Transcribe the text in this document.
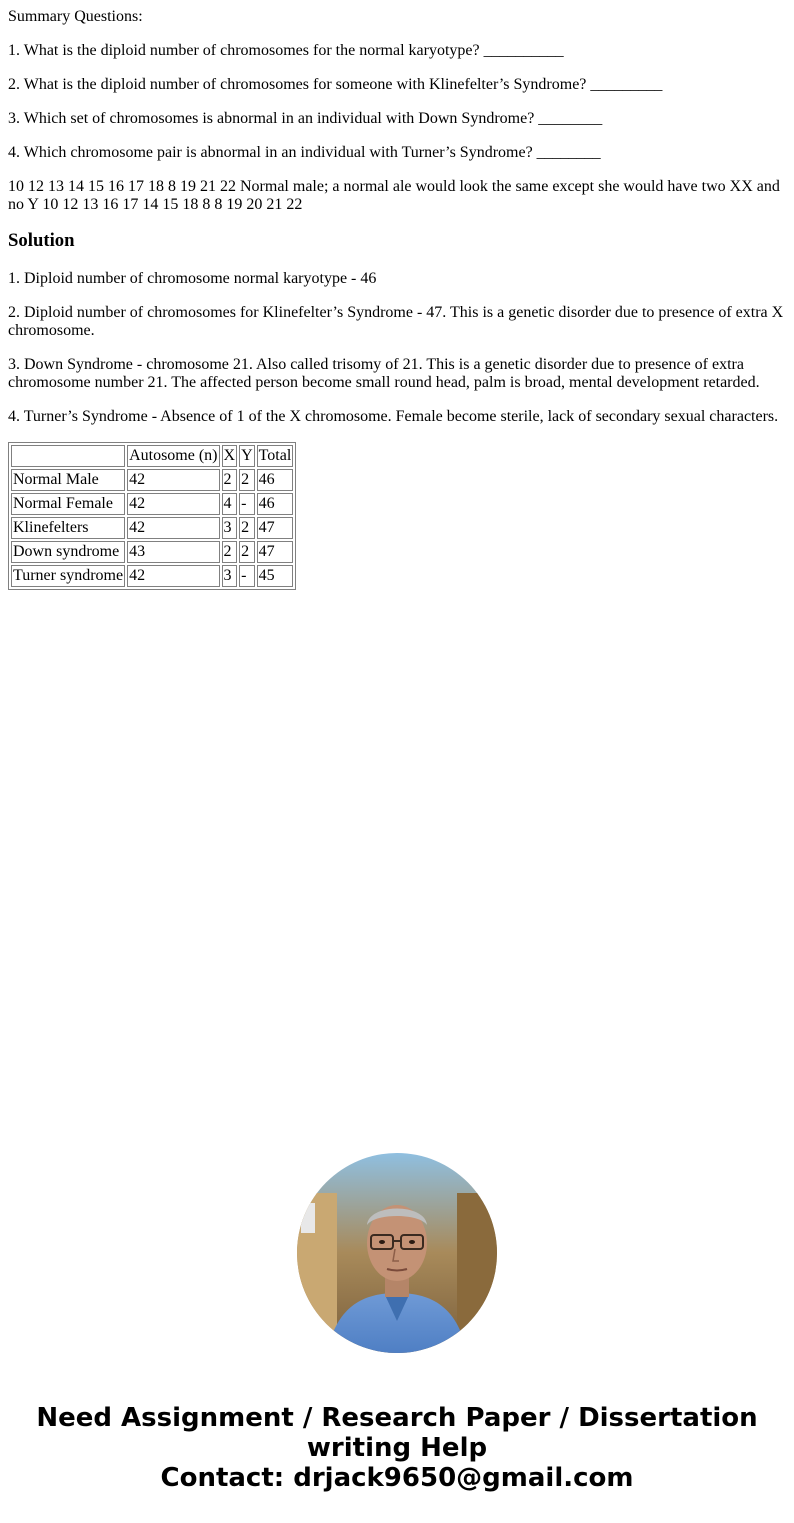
Summary Questions:

1. What is the diploid number of chromosomes for the normal karyotype? __________

2. What is the diploid number of chromosomes for someone with Klinefelter’s Syndrome? _________

3. Which set of chromosomes is abnormal in an individual with Down Syndrome? ________

4. Which chromosome pair is abnormal in an individual with Turner’s Syndrome? ________

10 12 13 14 15 16 17 18 8 19 21 22 Normal male; a normal ale would look the same except she would have two XX and no Y 10 12 13 16 17 14 15 18 8 8 19 20 21 22

Solution

1. Diploid number of chromosome normal karyotype - 46

2. Diploid number of chromosomes for Klinefelter’s Syndrome - 47. This is a genetic disorder due to presence of extra X chromosome.

3. Down Syndrome - chromosome 21. Also called trisomy of 21. This is a genetic disorder due to presence of extra chromosome number 21. The affected person become small round head, palm is broad, mental development retarded.

4. Turner’s Syndrome - Absence of 1 of the X chromosome. Female become sterile, lack of secondary sexual characters.

	Autosome (n)	X	Y	Total
Normal Male	42	2	2	46
Normal Female	42	4	-	46
Klinefelters	42	3	2	47
Down syndrome	43	2	2	47
Turner syndrome	42	3	-	45
Need Assignment / Research Paper / Dissertation
writing Help
Contact: drjack9650@gmail.com
